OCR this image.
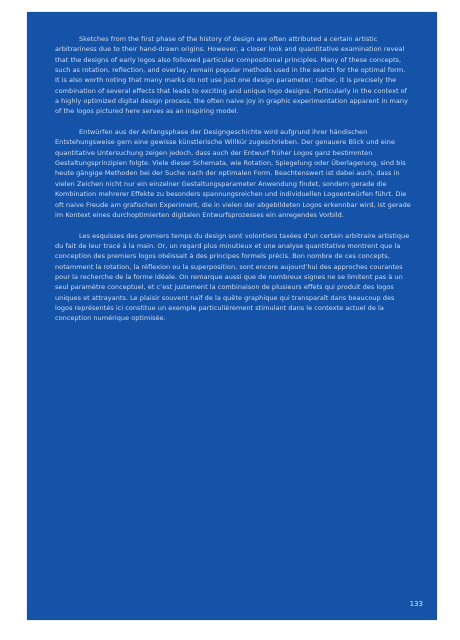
Sketches from the first phase of the history of design are often attributed a certain artistic arbitrariness due to their hand-drawn origins. However, a closer look and quantitative examination reveal that the designs of early logos also followed particular compositional principles. Many of these concepts, such as rotation, reflection, and overlay, remain popular methods used in the search for the optimal form. It is also worth noting that many marks do not use just one design parameter; rather, it is precisely the combination of several effects that leads to exciting and unique logo designs. Particularly in the context of a highly optimized digital design process, the often naive joy in graphic experimentation apparent in many of the logos pictured here serves as an inspiring model.

Entwürfen aus der Anfangsphase der Designgeschichte wird aufgrund ihrer händischen Entstehungsweise gern eine gewisse künstlerische Willkür zugeschrieben. Der genauere Blick und eine quantitative Untersuchung zeigen jedoch, dass auch der Entwurf früher Logos ganz bestimmten Gestaltungsprinzipien folgte. Viele dieser Schemata, wie Rotation, Spiegelung oder Überlagerung, sind bis heute gängige Methoden bei der Suche nach der optimalen Form. Beachtenswert ist dabei auch, dass in vielen Zeichen nicht nur ein einzelner Gestaltungsparameter Anwendung findet, sondern gerade die Kombination mehrerer Effekte zu besonders spannungsreichen und individuellen Logoentwürfen führt. Die oft naive Freude am grafischen Experiment, die in vielen der abgebildeten Logos erkennbar wird, ist gerade im Kontext eines durchoptimierten digitalen Entwurfsprozesses ein anregendes Vorbild.

Les esquisses des premiers temps du design sont volontiers taxées d’un certain arbitraire artistique du fait de leur tracé à la main. Or, un regard plus minutieux et une analyse quantitative montrent que la conception des premiers logos obéissait à des principes formels précis. Bon nombre de ces concepts, notamment la rotation, la réflexion ou la superposition, sont encore aujourd’hui des approches courantes pour la recherche de la forme idéale. On remarque aussi que de nombreux signes ne se limitent pas à un seul paramètre conceptuel, et c’est justement la combinaison de plusieurs effets qui produit des logos uniques et attrayants. Le plaisir souvent naïf de la quête graphique qui transparaît dans beaucoup des logos représentés ici constitue un exemple particulièrement stimulant dans le contexte actuel de la conception numérique optimisée.

133
